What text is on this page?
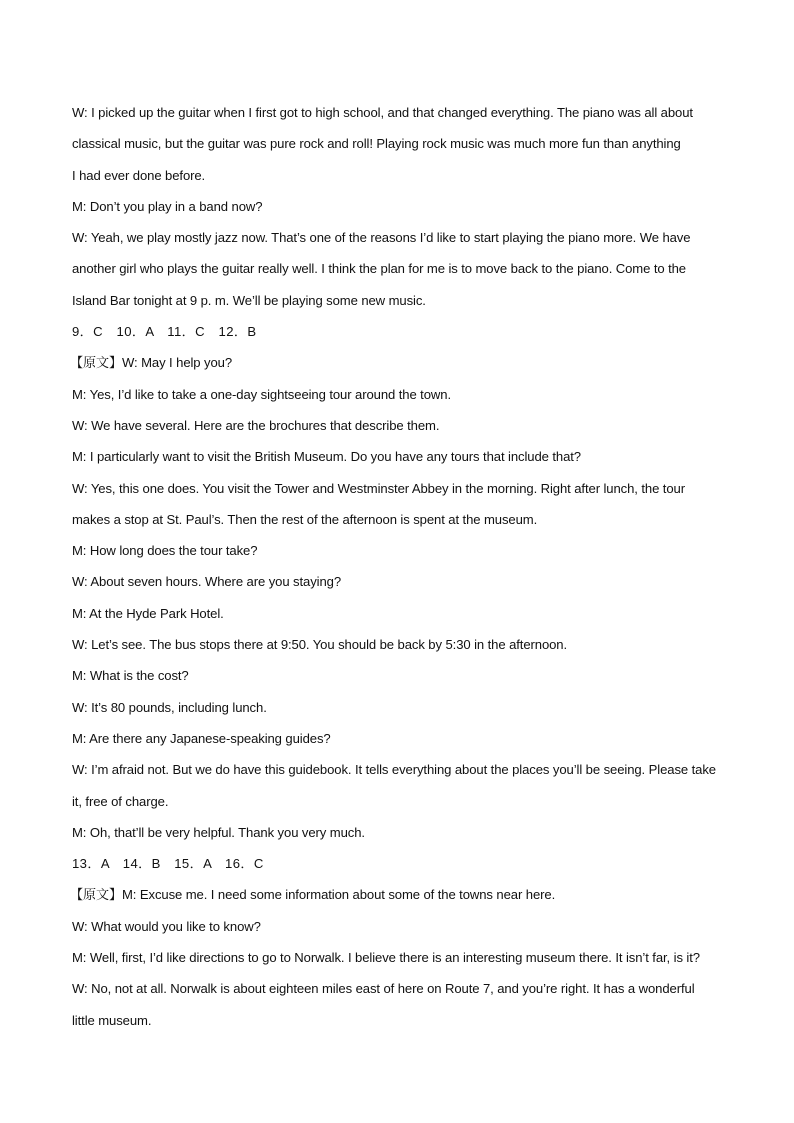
W: I picked up the guitar when I first got to high school, and that changed everything. The piano was all about
classical music, but the guitar was pure rock and roll! Playing rock music was much more fun than anything
I had ever done before.
M: Don’t you play in a band now?
W: Yeah, we play mostly jazz now. That’s one of the reasons I’d like to start playing the piano more. We have
another girl who plays the guitar really well. I think the plan for me is to move back to the piano. Come to the
Island Bar tonight at 9 p. m. We’ll be playing some new music.
9．C　10．A　11．C　12．B
【原文】W: May I help you?
M: Yes, I’d like to take a one-day sightseeing tour around the town.
W: We have several. Here are the brochures that describe them.
M: I particularly want to visit the British Museum. Do you have any tours that include that?
W: Yes, this one does. You visit the Tower and Westminster Abbey in the morning. Right after lunch, the tour
makes a stop at St. Paul’s. Then the rest of the afternoon is spent at the museum.
M: How long does the tour take?
W: About seven hours. Where are you staying?
M: At the Hyde Park Hotel.
W: Let’s see. The bus stops there at 9:50. You should be back by 5:30 in the afternoon.
M: What is the cost?
W: It’s 80 pounds, including lunch.
M: Are there any Japanese-speaking guides?
W: I’m afraid not. But we do have this guidebook. It tells everything about the places you’ll be seeing. Please take
it, free of charge.
M: Oh, that’ll be very helpful. Thank you very much.
13．A　14．B　15．A　16．C
【原文】M: Excuse me. I need some information about some of the towns near here.
W: What would you like to know?
M: Well, first, I’d like directions to go to Norwalk. I believe there is an interesting museum there. It isn’t far, is it?
W: No, not at all. Norwalk is about eighteen miles east of here on Route 7, and you’re right. It has a wonderful
little museum.
